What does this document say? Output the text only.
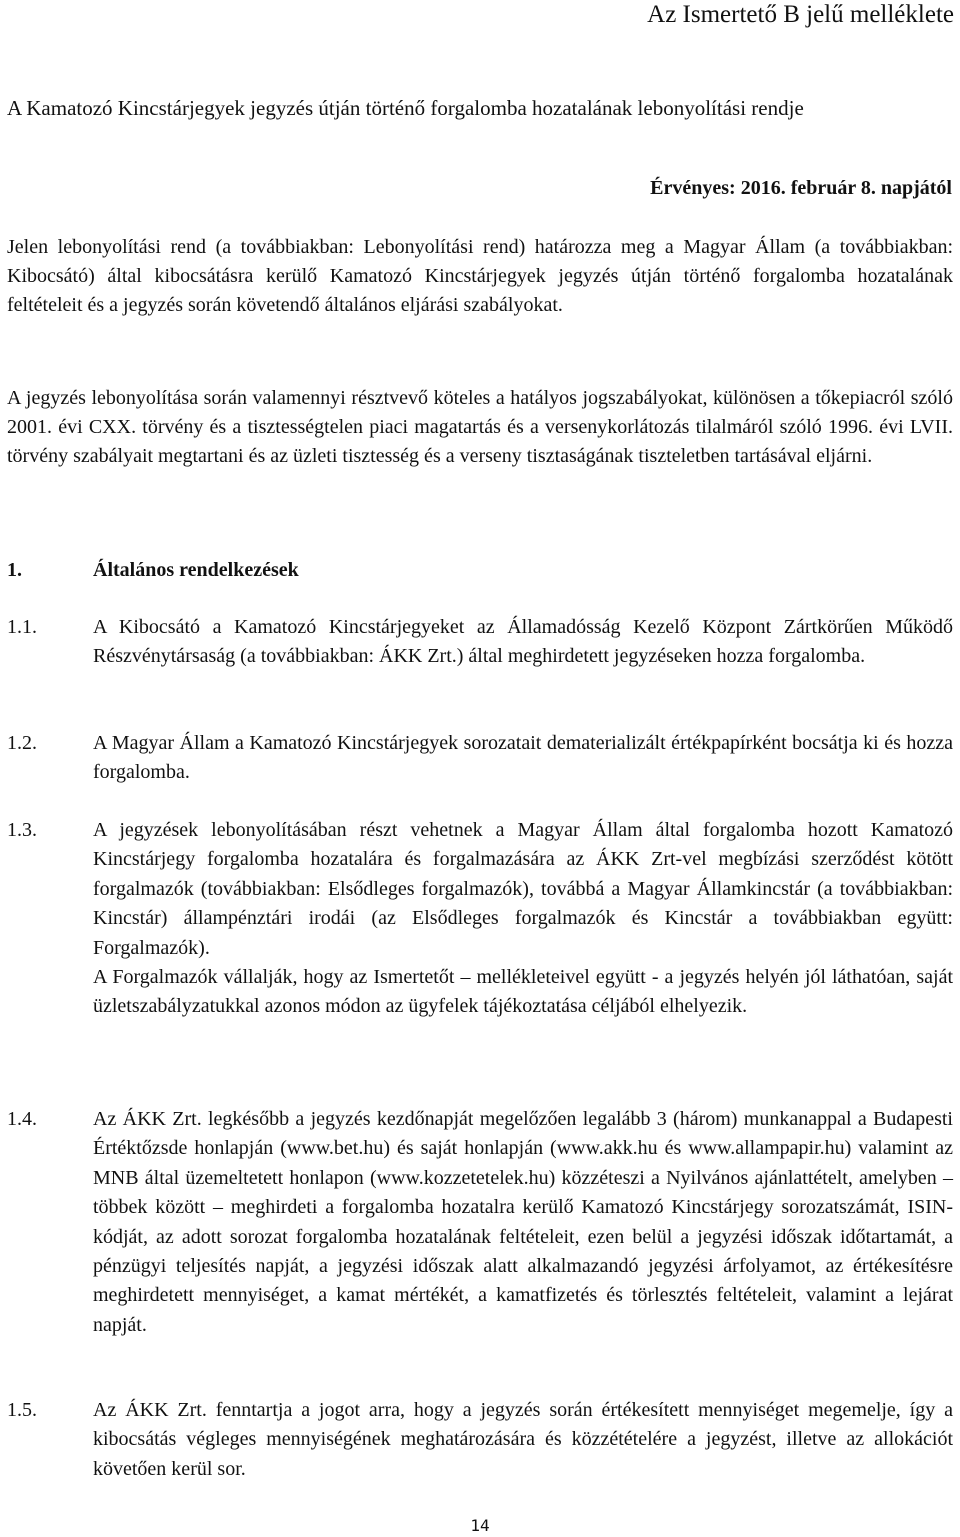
Az Ismertető B jelű melléklete
A Kamatozó Kincstárjegyek jegyzés útján történő forgalomba hozatalának lebonyolítási rendje
Érvényes: 2016. február 8. napjától
Jelen lebonyolítási rend (a továbbiakban: Lebonyolítási rend) határozza meg a Magyar Állam (a továbbiakban: Kibocsátó) által kibocsátásra kerülő Kamatozó Kincstárjegyek jegyzés útján történő forgalomba hozatalának feltételeit és a jegyzés során követendő általános eljárási szabályokat.
A jegyzés lebonyolítása során valamennyi résztvevő köteles a hatályos jogszabályokat, különösen a tőkepiacról szóló 2001. évi CXX. törvény és a tisztességtelen piaci magatartás és a versenykorlátozás tilalmáról szóló 1996. évi LVII. törvény szabályait megtartani és az üzleti tisztesség és a verseny tisztaságának tiszteletben tartásával eljárni.
1.	Általános rendelkezések
1.1.	A Kibocsátó a Kamatozó Kincstárjegyeket az Államadósság Kezelő Központ Zártkörűen Működő Részvénytársaság (a továbbiakban: ÁKK Zrt.) által meghirdetett jegyzéseken hozza forgalomba.

1.2.	A Magyar Állam a Kamatozó Kincstárjegyek sorozatait dematerializált értékpapírként bocsátja ki és hozza forgalomba.

1.3.	A jegyzések lebonyolításában részt vehetnek a Magyar Állam által forgalomba hozott Kamatozó Kincstárjegy forgalomba hozatalára és forgalmazására az ÁKK Zrt-vel megbízási szerződést kötött forgalmazók (továbbiakban: Elsődleges forgalmazók), továbbá a Magyar Államkincstár (a továbbiakban: Kincstár) állampénztári irodái (az Elsődleges forgalmazók és Kincstár a továbbiakban együtt: Forgalmazók).

A Forgalmazók vállalják, hogy az Ismertetőt – mellékleteivel együtt - a jegyzés helyén jól láthatóan, saját üzletszabályzatukkal azonos módon az ügyfelek tájékoztatása céljából elhelyezik.

1.4.	Az ÁKK Zrt. legkésőbb a jegyzés kezdőnapját megelőzően legalább 3 (három) munkanappal a Budapesti Értéktőzsde honlapján (www.bet.hu) és saját honlapján (www.akk.hu és www.allampapir.hu) valamint az MNB által üzemeltetett honlapon (www.kozzetetelek.hu) közzéteszi a Nyilvános ajánlattételt, amelyben – többek között – meghirdeti a forgalomba hozatalra kerülő Kamatozó Kincstárjegy sorozatszámát, ISIN-kódját, az adott sorozat forgalomba hozatalának feltételeit, ezen belül a jegyzési időszak időtartamát, a pénzügyi teljesítés napját, a jegyzési időszak alatt alkalmazandó jegyzési árfolyamot, az értékesítésre meghirdetett mennyiséget, a kamat mértékét, a kamatfizetés és törlesztés feltételeit, valamint a lejárat napját.

1.5.	Az ÁKK Zrt. fenntartja a jogot arra, hogy a jegyzés során értékesített mennyiséget megemelje, így a kibocsátás végleges mennyiségének meghatározására és közzétételére a jegyzést, illetve az allokációt követően kerül sor.

14
